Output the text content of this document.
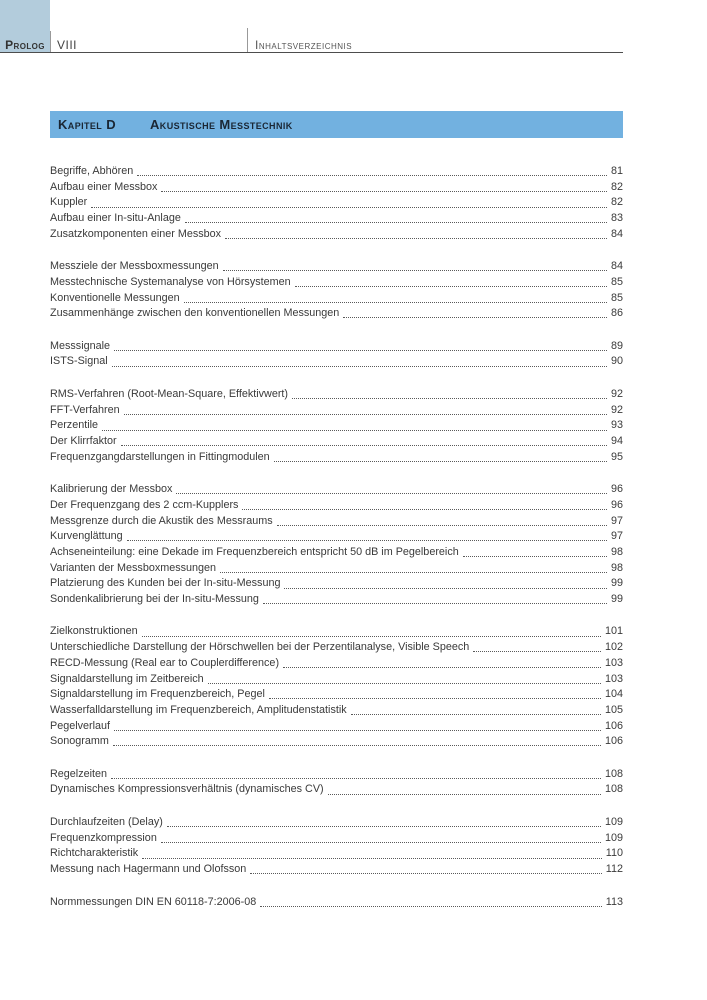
Prolog	VIII	Inhaltsverzeichnis
Kapitel D	Akustische Messtechnik
Begriffe, Abhören	81
Aufbau einer Messbox	82
Kuppler	82
Aufbau einer In-situ-Anlage	83
Zusatzkomponenten einer Messbox	84
Messziele der Messboxmessungen	84
Messtechnische Systemanalyse von Hörsystemen	85
Konventionelle Messungen	85
Zusammenhänge zwischen den konventionellen Messungen	86
Messsignale	89
ISTS-Signal	90
RMS-Verfahren (Root-Mean-Square, Effektivwert)	92
FFT-Verfahren	92
Perzentile	93
Der Klirrfaktor	94
Frequenzgangdarstellungen in Fittingmodulen	95
Kalibrierung der Messbox	96
Der Frequenzgang des 2 ccm-Kupplers	96
Messgrenze durch die Akustik des Messraums	97
Kurvenglättung	97
Achseneinteilung: eine Dekade im Frequenzbereich entspricht 50 dB im Pegelbereich	98
Varianten der Messboxmessungen	98
Platzierung des Kunden bei der In-situ-Messung	99
Sondenkalibrierung bei der In-situ-Messung	99
Zielkonstruktionen	101
Unterschiedliche Darstellung der Hörschwellen bei der Perzentilanalyse, Visible Speech	102
RECD-Messung (Real ear to Couplerdifference)	103
Signaldarstellung im Zeitbereich	103
Signaldarstellung im Frequenzbereich, Pegel	104
Wasserfalldarstellung im Frequenzbereich, Amplitudenstatistik	105
Pegelverlauf	106
Sonogramm	106
Regelzeiten	108
Dynamisches Kompressionsverhältnis (dynamisches CV)	108
Durchlaufzeiten (Delay)	109
Frequenzkompression	109
Richtcharakteristik	110
Messung nach Hagermann und Olofsson	112
Normmessungen DIN EN 60118-7:2006-08	113
